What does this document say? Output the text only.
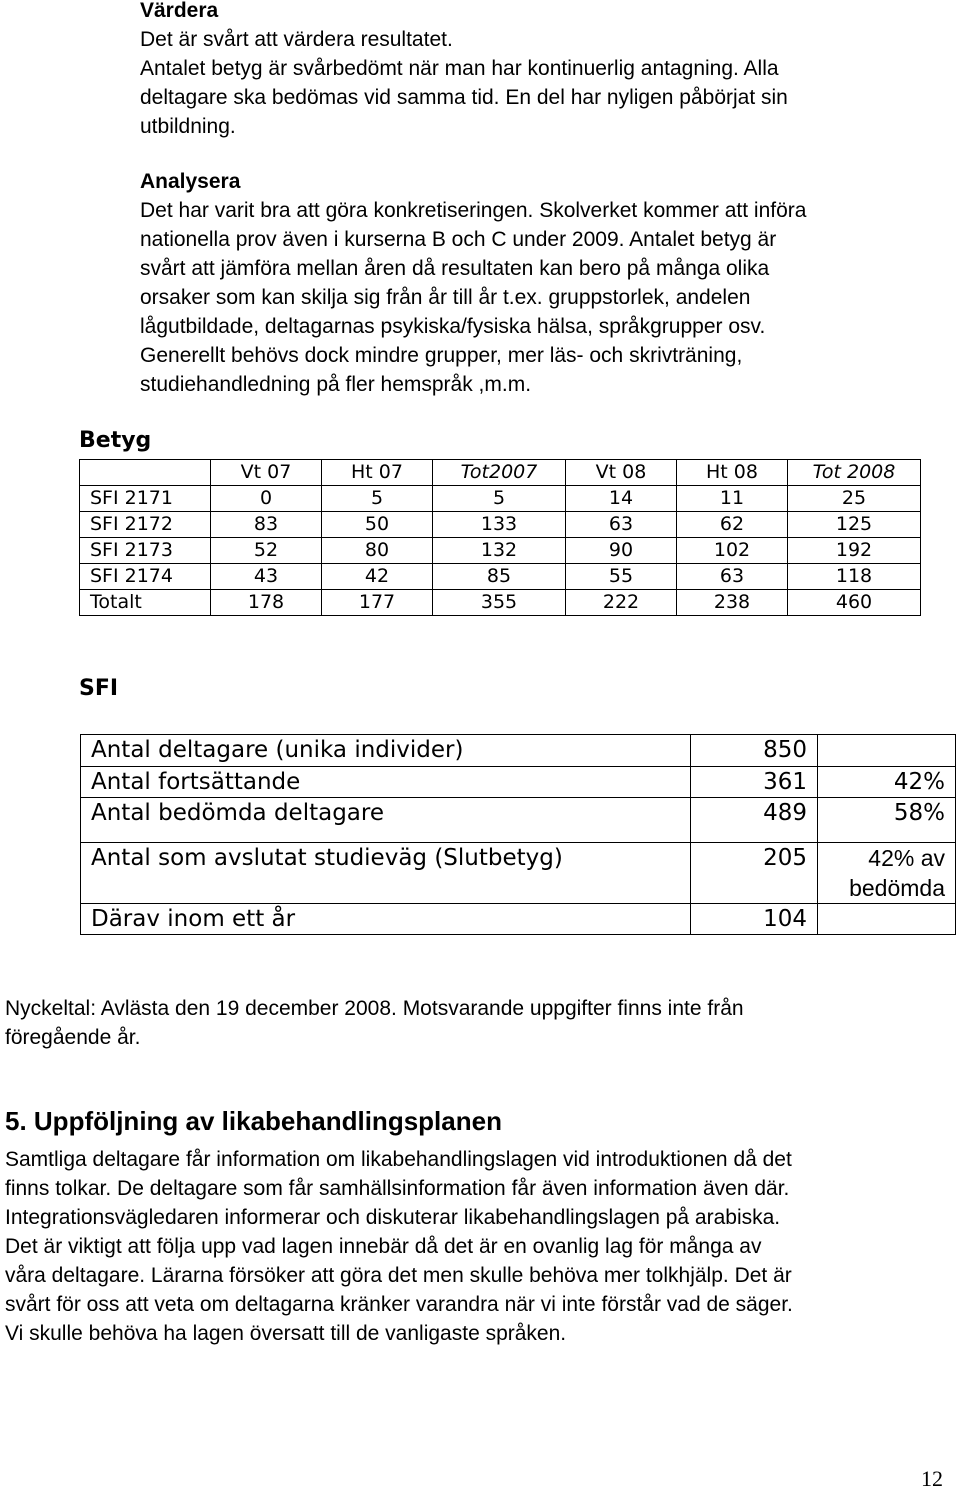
Värdera

Det är svårt att värdera resultatet.

Antalet betyg är svårbedömt när man har kontinuerlig antagning. Alla

deltagare ska bedömas vid samma tid. En del har nyligen påbörjat sin

utbildning.

Analysera

Det har varit bra att göra konkretiseringen. Skolverket kommer att införa

nationella prov även i kurserna B och C under 2009. Antalet betyg är

svårt att jämföra mellan åren då resultaten kan bero på många olika

orsaker som kan skilja sig från år till år t.ex. gruppstorlek, andelen

lågutbildade, deltagarnas psykiska/fysiska hälsa, språkgrupper osv.

Generellt behövs dock mindre grupper, mer läs- och skrivträning,

studiehandledning på fler hemspråk ,m.m.

Betyg
	Vt 07	Ht 07	Tot2007	Vt 08	Ht 08	Tot 2008
SFI 2171	0	5	5	14	11	25
SFI 2172	83	50	133	63	62	125
SFI 2173	52	80	132	90	102	192
SFI 2174	43	42	85	55	63	118
Totalt	178	177	355	222	238	460
SFI
Antal deltagare (unika individer)	850	
Antal fortsättande	361	42%
Antal bedömda deltagare	489	58%
Antal som avslutat studieväg (Slutbetyg)	205	42% av bedömda
Därav inom ett år	104	

Nyckeltal: Avlästa den 19 december 2008. Motsvarande uppgifter finns inte från

föregående år.

5. Uppföljning av likabehandlingsplanen

Samtliga deltagare får information om likabehandlingslagen vid introduktionen då det

finns tolkar. De deltagare som får samhällsinformation får även information även där.

Integrationsvägledaren informerar och diskuterar likabehandlingslagen på arabiska.

Det är viktigt att följa upp vad lagen innebär då det är en ovanlig lag för många av

våra deltagare. Lärarna försöker att göra det men skulle behöva mer tolkhjälp. Det är

svårt för oss att veta om deltagarna kränker varandra när vi inte förstår vad de säger.

Vi skulle behöva ha lagen översatt till de vanligaste språken.

12
